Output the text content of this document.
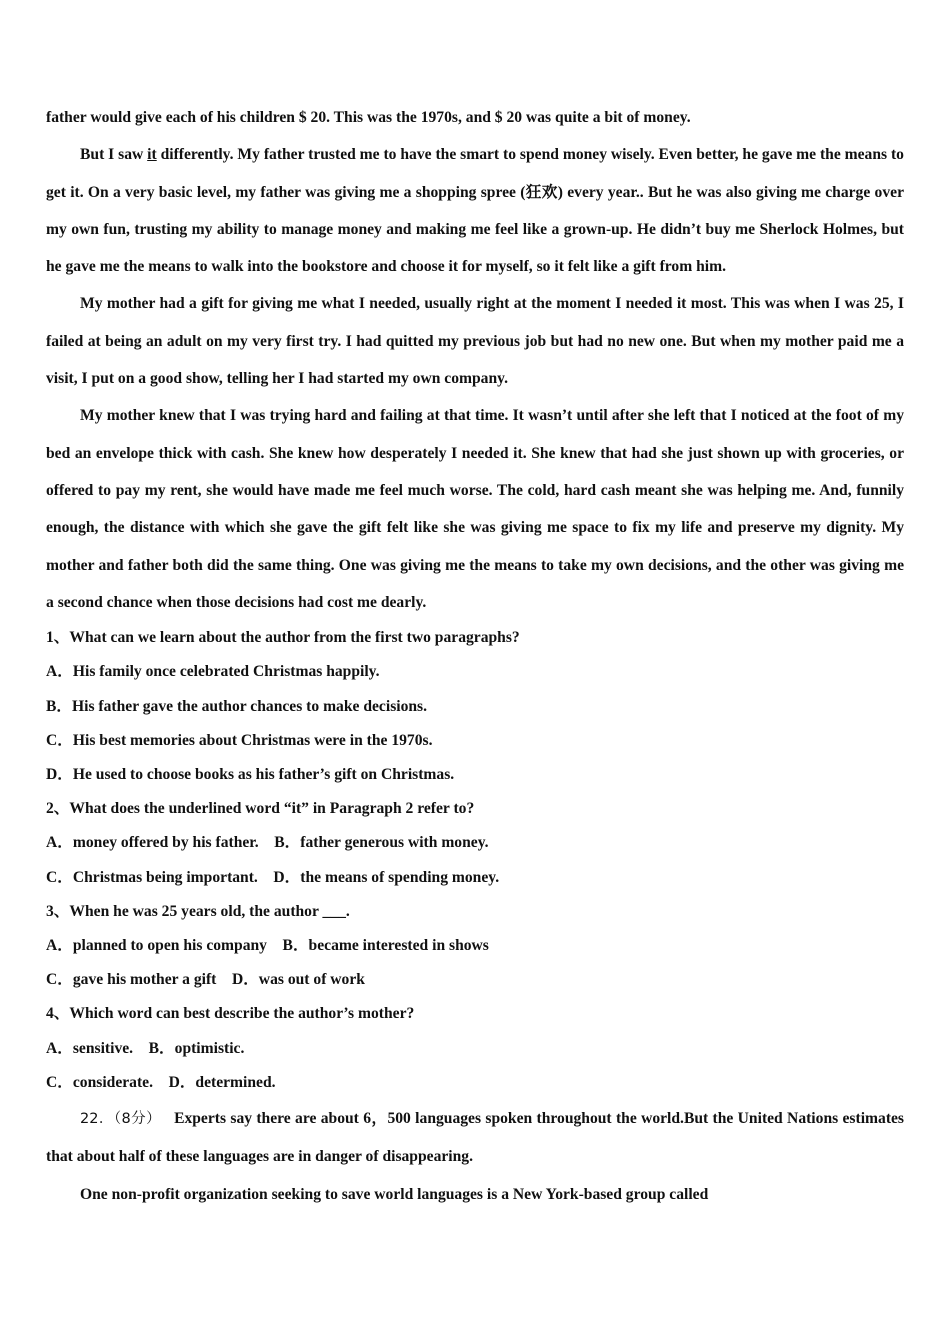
father would give each of his children $ 20. This was the 1970s, and $ 20 was quite a bit of money.

But I saw it differently. My father trusted me to have the smart to spend money wisely. Even better, he gave me the means to get it. On a very basic level, my father was giving me a shopping spree (狂欢) every year.. But he was also giving me charge over my own fun, trusting my ability to manage money and making me feel like a grown-up. He didn’t buy me Sherlock Holmes, but he gave me the means to walk into the bookstore and choose it for myself, so it felt like a gift from him.

My mother had a gift for giving me what I needed, usually right at the moment I needed it most. This was when I was 25, I failed at being an adult on my very first try. I had quitted my previous job but had no new one. But when my mother paid me a visit, I put on a good show, telling her I had started my own company.

My mother knew that I was trying hard and failing at that time. It wasn’t until after she left that I noticed at the foot of my bed an envelope thick with cash. She knew how desperately I needed it. She knew that had she just shown up with groceries, or offered to pay my rent, she would have made me feel much worse. The cold, hard cash meant she was helping me. And, funnily enough, the distance with which she gave the gift felt like she was giving me space to fix my life and preserve my dignity. My mother and father both did the same thing. One was giving me the means to take my own decisions, and the other was giving me a second chance when those decisions had cost me dearly.

1、What can we learn about the author from the first two paragraphs?

A．His family once celebrated Christmas happily.

B．His father gave the author chances to make decisions.

C．His best memories about Christmas were in the 1970s.

D．He used to choose books as his father’s gift on Christmas.

2、What does the underlined word “it” in Paragraph 2 refer to?

A．money offered by his father.    B．father generous with money.

C．Christmas being important.    D．the means of spending money.

3、When he was 25 years old, the author ___.

A．planned to open his company    B．became interested in shows

C．gave his mother a gift    D．was out of work

4、Which word can best describe the author’s mother?

A．sensitive.    B．optimistic.

C．considerate.    D．determined.

22．（8分） Experts say there are about 6，500 languages spoken throughout the world.But the United Nations estimates that about half of these languages are in danger of disappearing.

One non-profit organization seeking to save world languages is a New York-based group called
